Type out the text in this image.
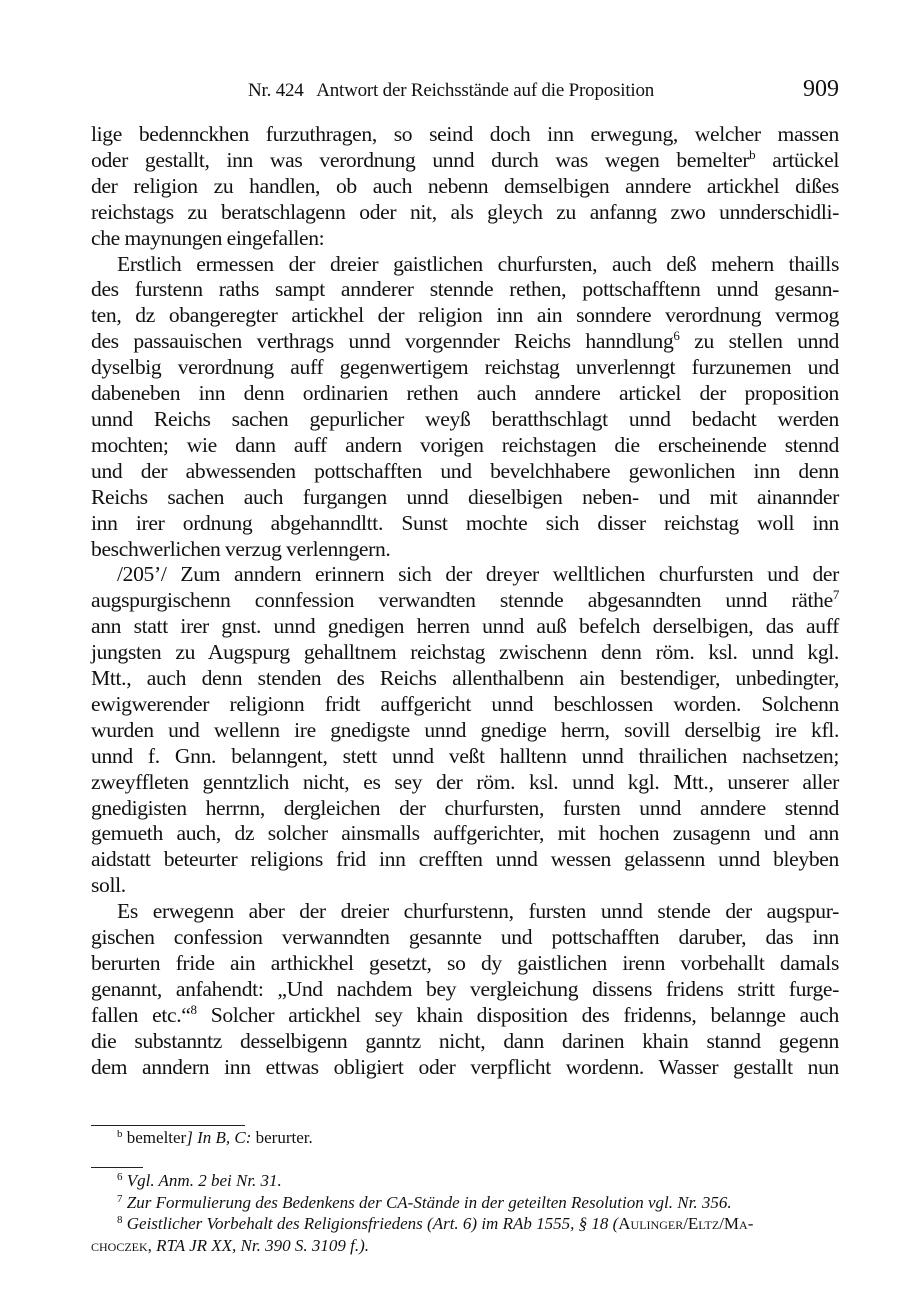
Nr. 424   Antwort der Reichsstände auf die Proposition	909

lige bedennckhen furzuthragen, so seind doch inn erwegung, welcher massen
oder gestallt, inn was verordnung unnd durch was wegen bemelter$^b$ artückel
der religion zu handlen, ob auch nebenn demselbigen anndere artickhel dißes
reichstags zu beratschlagenn oder nit, als gleych zu anfanng zwo unnderschidli-
che maynungen eingefallen:

Erstlich ermessen der dreier gaistlichen churfursten, auch deß mehern thaills
des furstenn raths sampt annderer stennde rethen, pottschafftenn unnd gesann-
ten, dz obangeregter artickhel der religion inn ain sonndere verordnung vermog
des passauischen verthrags unnd vorgennder Reichs hanndlung$^6$ zu stellen unnd
dyselbig verordnung auff gegenwertigem reichstag unverlenngt furzunemen und
dabeneben inn denn ordinarien rethen auch anndere artickel der proposition
unnd Reichs sachen gepurlicher weyß beratthschlagt unnd bedacht werden
mochten; wie dann auff andern vorigen reichstagen die erscheinende stennd
und der abwessenden pottschafften und bevelchhabere gewonlichen inn denn
Reichs sachen auch furgangen unnd dieselbigen neben- und mit ainannder
inn irer ordnung abgehanndltt. Sunst mochte sich disser reichstag woll inn
beschwerlichen verzug verlenngern.

/205’/ Zum anndern erinnern sich der dreyer welltlichen churfursten und der
augspurgischenn connfession verwandten stennde abgesanndten unnd räthe$^7$
ann statt irer gnst. unnd gnedigen herren unnd auß befelch derselbigen, das auff
jungsten zu Augspurg gehalltnem reichstag zwischenn denn röm. ksl. unnd kgl.
Mtt., auch denn stenden des Reichs allenthalbenn ain bestendiger, unbedingter,
ewigwerender religionn fridt auffgericht unnd beschlossen worden. Solchenn
wurden und wellenn ire gnedigste unnd gnedige herrn, sovill derselbig ire kfl.
unnd f. Gnn. belanngent, stett unnd veßt halltenn unnd thrailichen nachsetzen;
zweyffleten genntzlich nicht, es sey der röm. ksl. unnd kgl. Mtt., unserer aller
gnedigisten herrnn, dergleichen der churfursten, fursten unnd anndere stennd
gemueth auch, dz solcher ainsmalls auffgerichter, mit hochen zusagenn und ann
aidstatt beteurter religions frid inn crefften unnd wessen gelassenn unnd bleyben
soll.

Es erwegenn aber der dreier churfurstenn, fursten unnd stende der augspur-
gischen confession verwanndten gesannte und pottschafften daruber, das inn
berurten fride ain arthickhel gesetzt, so dy gaistlichen irenn vorbehallt damals
genannt, anfahendt: „Und nachdem bey vergleichung dissens fridens stritt furge-
fallen etc.“$^8$ Solcher artickhel sey khain disposition des fridenns, belannge auch
die substanntz desselbigenn ganntz nicht, dann darinen khain stannd gegenn
dem anndern inn ettwas obligiert oder verpflicht wordenn. Wasser gestallt nun

$^b$ bemelter] In B, C: berurter.

$^6$ Vgl. Anm. 2 bei Nr. 31.

$^7$ Zur Formulierung des Bedenkens der CA-Stände in der geteilten Resolution vgl. Nr. 356.

$^8$ Geistlicher Vorbehalt des Religionsfriedens (Art. 6) im RAb 1555, § 18 (Aulinger/Eltz/Ma-

choczek, RTA JR XX, Nr. 390 S. 3109 f.).
